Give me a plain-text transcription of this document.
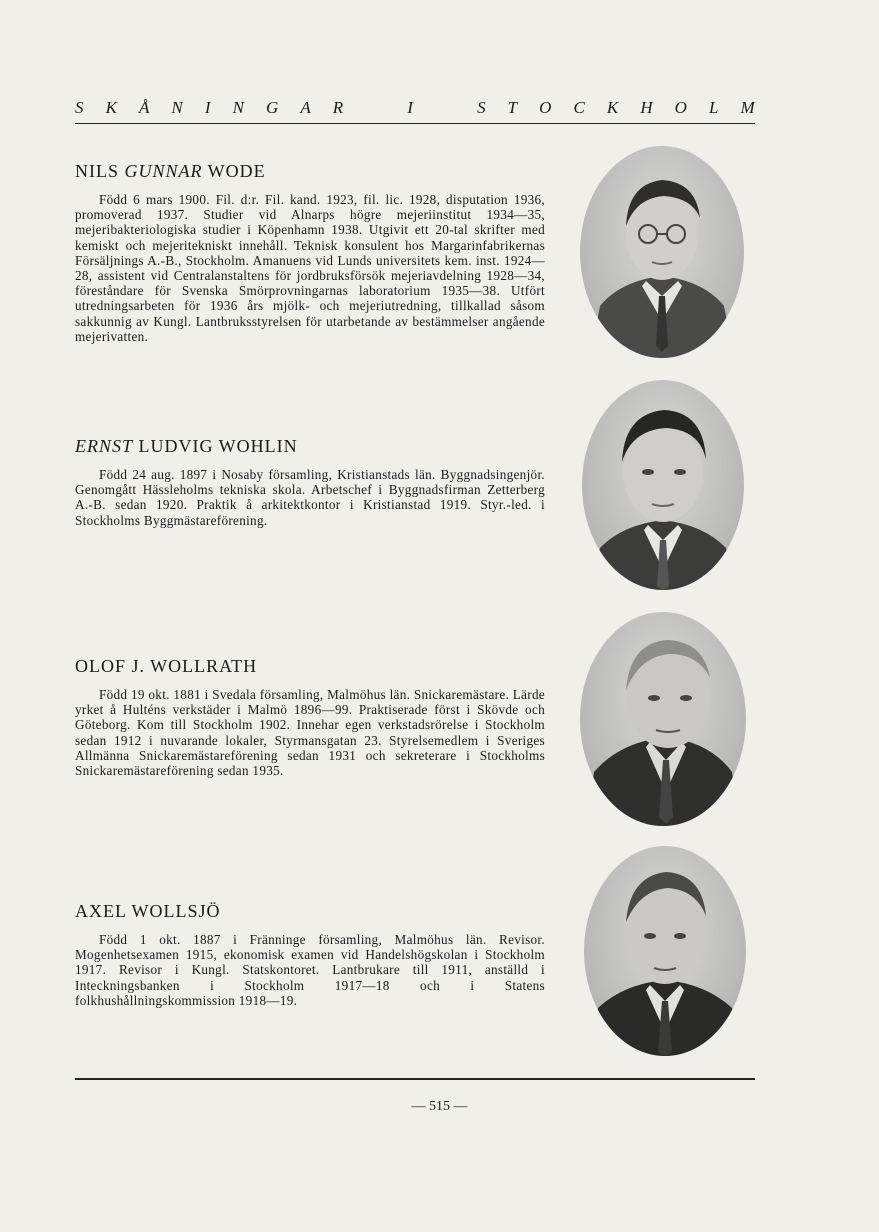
S K Å N I N G A R	I	S T O C K H O L M
NILS GUNNAR WODE

Född 6 mars 1900. Fil. d:r. Fil. kand. 1923, fil. lic. 1928, disputation 1936, promoverad 1937. Studier vid Alnarps högre mejeriinstitut 1934—35, mejeribakteriologiska studier i Köpenhamn 1938. Utgivit ett 20-tal skrifter med kemiskt och mejeritekniskt innehåll. Teknisk konsulent hos Margarinfabrikernas Försäljnings A.-B., Stockholm. Amanuens vid Lunds universitets kem. inst. 1924—28, assistent vid Centralanstaltens för jordbruksförsök mejeriavdelning 1928—34, föreståndare för Svenska Smörprovningarnas laboratorium 1935—38. Utfört utredningsarbeten för 1936 års mjölk- och mejeriutredning, tillkallad såsom sakkunnig av Kungl. Lantbruksstyrelsen för utarbetande av bestämmelser angående mejerivatten.

ERNST LUDVIG WOHLIN

Född 24 aug. 1897 i Nosaby församling, Kristianstads län. Byggnadsingenjör. Genomgått Hässleholms tekniska skola. Arbetschef i Byggnadsfirman Zetterberg A.-B. sedan 1920. Praktik å arkitektkontor i Kristianstad 1919. Styr.-led. i Stockholms Byggmästareförening.

OLOF J. WOLLRATH

Född 19 okt. 1881 i Svedala församling, Malmöhus län. Snickaremästare. Lärde yrket å Hulténs verkstäder i Malmö 1896—99. Praktiserade först i Skövde och Göteborg. Kom till Stockholm 1902. Innehar egen verkstadsrörelse i Stockholm sedan 1912 i nuvarande lokaler, Styrmansgatan 23. Styrelsemedlem i Sveriges Allmänna Snickaremästareförening sedan 1931 och sekreterare i Stockholms Snickaremästareförening sedan 1935.

AXEL WOLLSJÖ

Född 1 okt. 1887 i Fränninge församling, Malmöhus län. Revisor. Mogenhetsexamen 1915, ekonomisk examen vid Handelshögskolan i Stockholm 1917. Revisor i Kungl. Statskontoret. Lantbrukare till 1911, anställd i Inteckningsbanken i Stockholm 1917—18 och i Statens folkhushållningskommission 1918—19.

— 515 —
